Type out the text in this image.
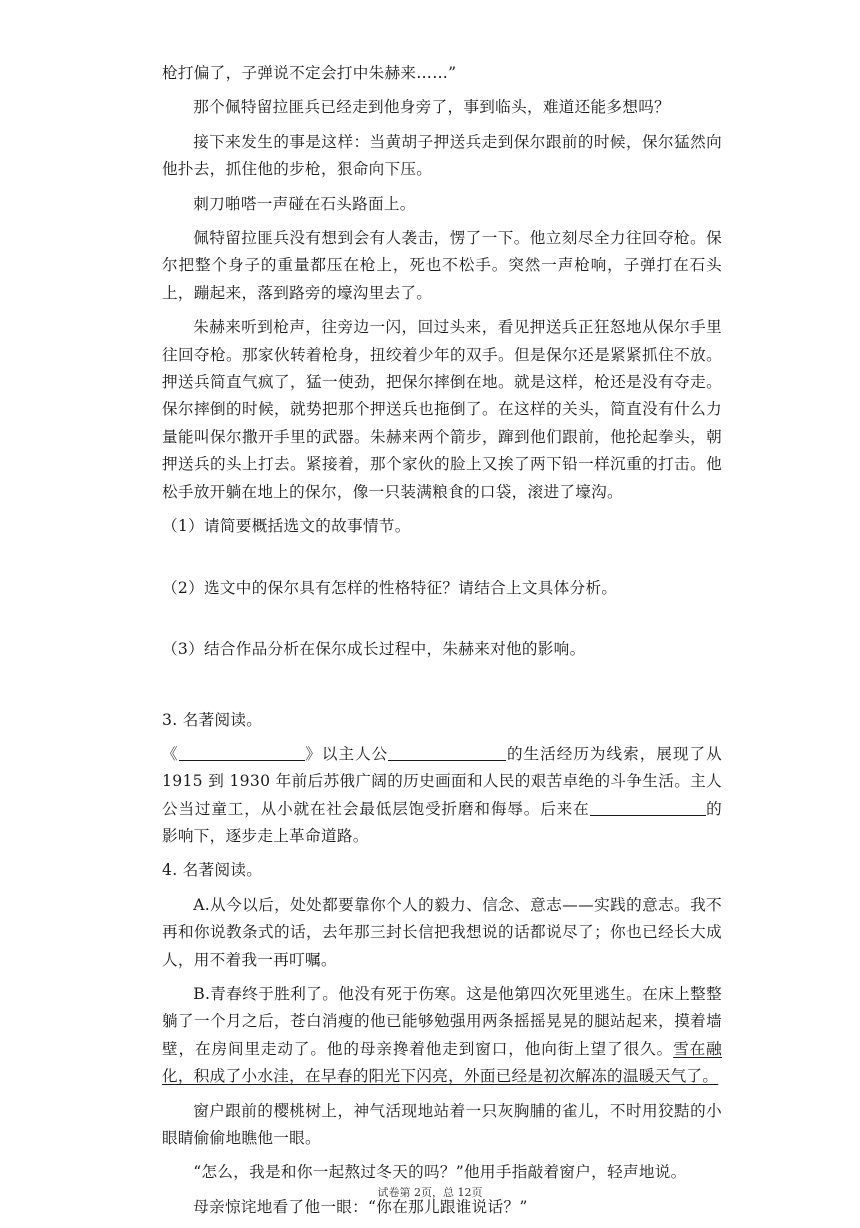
枪打偏了，子弹说不定会打中朱赫来……”

那个佩特留拉匪兵已经走到他身旁了，事到临头，难道还能多想吗？

接下来发生的事是这样：当黄胡子押送兵走到保尔跟前的时候，保尔猛然向他扑去，抓住他的步枪，狠命向下压。

刺刀啪嗒一声碰在石头路面上。

佩特留拉匪兵没有想到会有人袭击，愣了一下。他立刻尽全力往回夺枪。保尔把整个身子的重量都压在枪上，死也不松手。突然一声枪响，子弹打在石头上，蹦起来，落到路旁的壕沟里去了。

朱赫来听到枪声，往旁边一闪，回过头来，看见押送兵正狂怒地从保尔手里往回夺枪。那家伙转着枪身，扭绞着少年的双手。但是保尔还是紧紧抓住不放。押送兵简直气疯了，猛一使劲，把保尔摔倒在地。就是这样，枪还是没有夺走。保尔摔倒的时候，就势把那个押送兵也拖倒了。在这样的关头，简直没有什么力量能叫保尔撒开手里的武器。朱赫来两个箭步，蹿到他们跟前，他抡起拳头，朝押送兵的头上打去。紧接着，那个家伙的脸上又挨了两下铅一样沉重的打击。他松手放开躺在地上的保尔，像一只装满粮食的口袋，滚进了壕沟。

（1）请简要概括选文的故事情节。

（2）选文中的保尔具有怎样的性格特征？请结合上文具体分析。

（3）结合作品分析在保尔成长过程中，朱赫来对他的影响。

3. 名著阅读。

《	》以主人公	的生活经历为线索，展现了从 1915 到 1930 年前后苏俄广阔的历史画面和人民的艰苦卓绝的斗争生活。主人公当过童工，从小就在社会最低层饱受折磨和侮辱。后来在	的影响下，逐步走上革命道路。

4. 名著阅读。

A.从今以后，处处都要靠你个人的毅力、信念、意志——实践的意志。我不再和你说教条式的话，去年那三封长信把我想说的话都说尽了；你也已经长大成人，用不着我一再叮嘱。

B.青春终于胜利了。他没有死于伤寒。这是他第四次死里逃生。在床上整整躺了一个月之后，苍白消瘦的他已能够勉强用两条摇摇晃晃的腿站起来，摸着墙壁，在房间里走动了。他的母亲搀着他走到窗口，他向街上望了很久。雪在融化，积成了小水洼，在早春的阳光下闪亮，外面已经是初次解冻的温暖天气了。

窗户跟前的樱桃树上，神气活现地站着一只灰胸脯的雀儿，不时用狡黠的小眼睛偷偷地瞧他一眼。

“怎么，我是和你一起熬过冬天的吗？”他用手指敲着窗户，轻声地说。

母亲惊诧地看了他一眼：“你在那儿跟谁说话？”

试卷第 2页，总 12页
